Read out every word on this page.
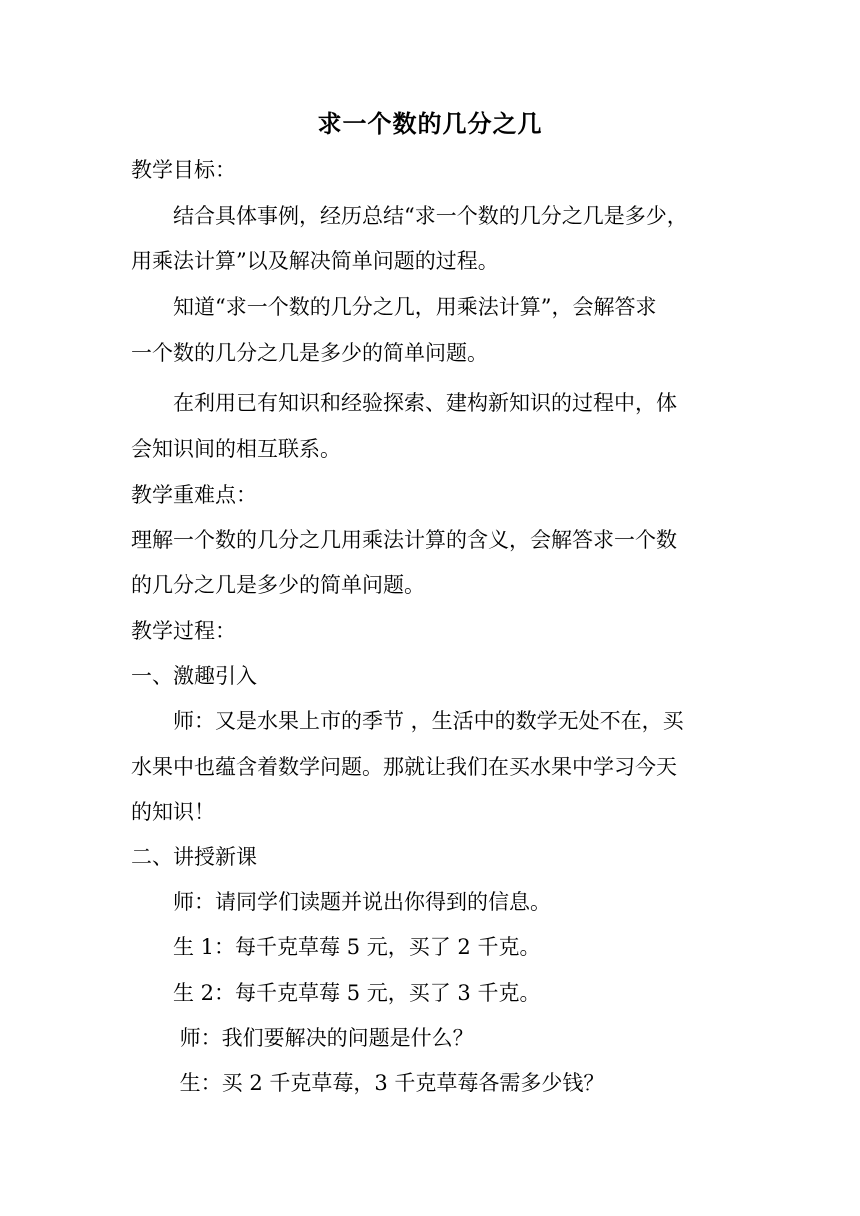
求一个数的几分之几
教学目标：
　　结合具体事例，经历总结“求一个数的几分之几是多少，
用乘法计算”以及解决简单问题的过程。
　　知道“求一个数的几分之几，用乘法计算”，会解答求
一个数的几分之几是多少的简单问题。
　　在利用已有知识和经验探索、建构新知识的过程中，体
会知识间的相互联系。
教学重难点：
理解一个数的几分之几用乘法计算的含义，会解答求一个数
的几分之几是多少的简单问题。
教学过程：
一、激趣引入
　　师：又是水果上市的季节 ，生活中的数学无处不在，买
水果中也蕴含着数学问题。那就让我们在买水果中学习今天
的知识！
二、讲授新课
　　师：请同学们读题并说出你得到的信息。
　　生 1：每千克草莓 5 元，买了 2 千克。
　　生 2：每千克草莓 5 元，买了 3 千克。
　　 师：我们要解决的问题是什么？
　　 生：买 2 千克草莓，3 千克草莓各需多少钱？
